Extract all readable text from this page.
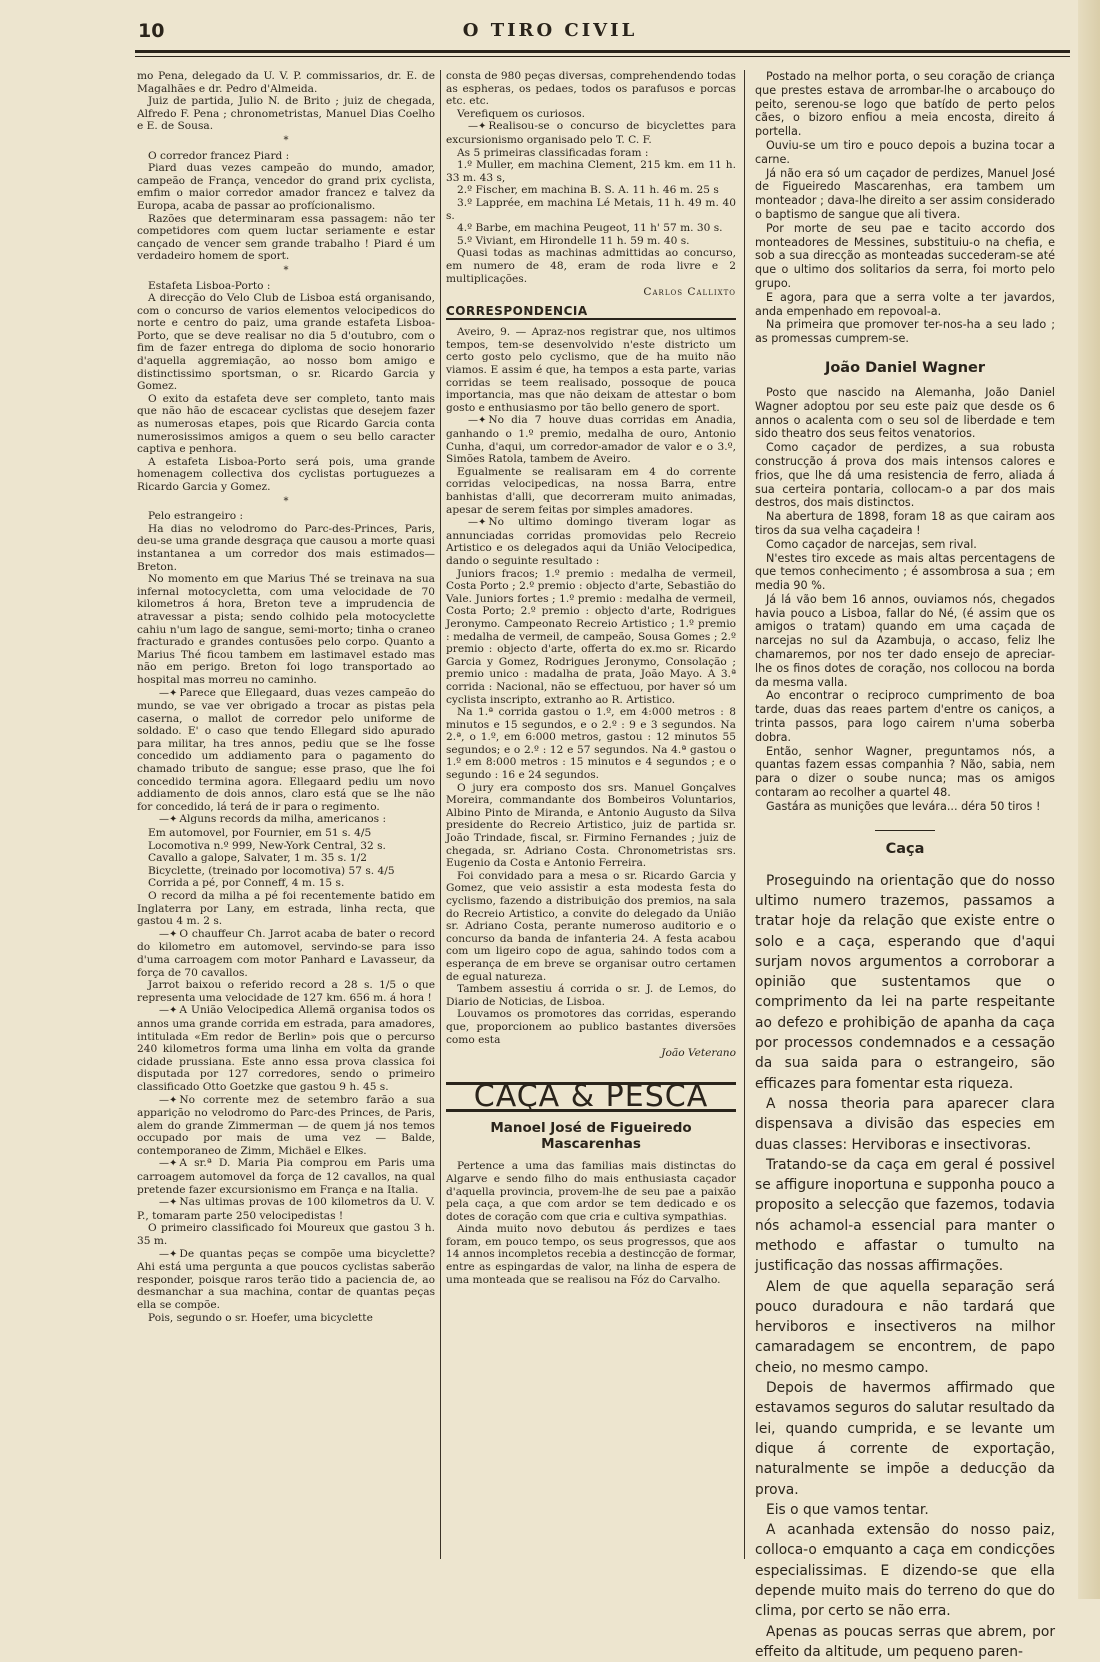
10	O TIRO CIVIL

mo Pena, delegado da U. V. P. commissarios, dr. E. de Magalhães e dr. Pedro d'Almeida.

Juiz de partida, Julio N. de Brito ; juiz de chegada, Alfredo F. Pena ; chronometristas, Manuel Dias Coelho e E. de Sousa.

*

O corredor francez Piard :

Piard duas vezes campeão do mundo, amador, campeão de França, vencedor do grand prix cyclista, emfim o maior corredor amador francez e talvez da Europa, acaba de passar ao profícionalismo.

Razões que determinaram essa passagem: não ter competidores com quem luctar seriamente e estar cançado de vencer sem grande trabalho ! Piard é um verdadeiro homem de sport.

*

Estafeta Lisboa-Porto :

A direcção do Velo Club de Lisboa está organisando, com o concurso de varios elementos velocipedicos do norte e centro do paiz, uma grande estafeta Lisboa-Porto, que se deve realisar no dia 5 d'outubro, com o fim de fazer entrega do diploma de socio honorario d'aquella aggremiação, ao nosso bom amigo e distinctissimo sportsman, o sr. Ricardo Garcia y Gomez.

O exito da estafeta deve ser completo, tanto mais que não hão de escacear cyclistas que desejem fazer as numerosas etapes, pois que Ricardo Garcia conta numerosissimos amigos a quem o seu bello caracter captiva e penhora.

A estafeta Lisboa-Porto será pois, uma grande homenagem collectiva dos cyclistas portuguezes a Ricardo Garcia y Gomez.

*

Pelo estrangeiro :

Ha dias no velodromo do Parc-des-Princes, Paris, deu-se uma grande desgraça que causou a morte quasi instantanea a um corredor dos mais estimados—Breton.

No momento em que Marius Thé se treinava na sua infernal motocycletta, com uma velocidade de 70 kilometros á hora, Breton teve a imprudencia de atravessar a pista; sendo colhido pela motocyclette cahiu n'um lago de sangue, semi-morto; tinha o craneo fracturado e grandes contusões pelo corpo. Quanto a Marius Thé ficou tambem em lastimavel estado mas não em perigo. Breton foi logo transportado ao hospital mas morreu no caminho.

—✦ Parece que Ellegaard, duas vezes campeão do mundo, se vae ver obrigado a trocar as pistas pela caserna, o mallot de corredor pelo uniforme de soldado. E' o caso que tendo Ellegard sido apurado para militar, ha tres annos, pediu que se lhe fosse concedido um addiamento para o pagamento do chamado tributo de sangue; esse praso, que lhe foi concedido termina agora. Ellegaard pediu um novo addiamento de dois annos, claro está que se lhe não for concedido, lá terá de ir para o regimento.

—✦ Alguns records da milha, americanos :

Em automovel, por Fournier, em 51 s. 4/5

Locomotiva n.º 999, New-York Central, 32 s.

Cavallo a galope, Salvater, 1 m. 35 s. 1/2

Bicyclette, (treinado por locomotiva) 57 s. 4/5

Corrida a pé, por Conneff, 4 m. 15 s.

O record da milha a pé foi recentemente batido em Inglaterra por Lany, em estrada, linha recta, que gastou 4 m. 2 s.

—✦ O chauffeur Ch. Jarrot acaba de bater o record do kilometro em automovel, servindo-se para isso d'uma carroagem com motor Panhard e Lavasseur, da força de 70 cavallos.

Jarrot baixou o referido record a 28 s. 1/5 o que representa uma velocidade de 127 km. 656 m. á hora !

—✦ A União Velocipedica Allemã organisa todos os annos uma grande corrida em estrada, para amadores, intitulada «Em redor de Berlin» pois que o percurso 240 kilometros forma uma linha em volta da grande cidade prussiana. Este anno essa prova classica foi disputada por 127 corredores, sendo o primeiro classificado Otto Goetzke que gastou 9 h. 45 s.

—✦ No corrente mez de setembro farão a sua apparição no velodromo do Parc-des Princes, de Paris, alem do grande Zimmerman — de quem já nos temos occupado por mais de uma vez — Balde, contemporaneo de Zimm, Michäel e Elkes.

—✦ A sr.ª D. Maria Pia comprou em Paris uma carroagem automovel da força de 12 cavallos, na qual pretende fazer excursionismo em França e na Italia.

—✦ Nas ultimas provas de 100 kilometros da U. V. P., tomaram parte 250 velocipedistas !

O primeiro classificado foi Moureux que gastou 3 h. 35 m.

—✦ De quantas peças se compõe uma bicyclette? Ahi está uma pergunta a que poucos cyclistas saberão responder, poisque raros terão tido a paciencia de, ao desmanchar a sua machina, contar de quantas peças ella se compõe.

Pois, segundo o sr. Hoefer, uma bicyclette

consta de 980 peças diversas, comprehendendo todas as espheras, os pedaes, todos os parafusos e porcas etc. etc.

Verefiquem os curiosos.

—✦ Realisou-se o concurso de bicyclettes para excursionismo organisado pelo T. C. F.

As 5 primeiras classificadas foram :

1.º Muller, em machina Clement, 215 km. em 11 h. 33 m. 43 s,

2.º Fischer, em machina B. S. A. 11 h. 46 m. 25 s

3.º Lapprée, em machina Lé Metais, 11 h. 49 m. 40 s.

4.º Barbe, em machina Peugeot, 11 h' 57 m. 30 s.

5.º Viviant, em Hirondelle 11 h. 59 m. 40 s.

Quasi todas as machinas admittidas ao concurso, em numero de 48, eram de roda livre e 2 multiplicações.

Carlos Callixto
CORRESPONDENCIA

Aveiro, 9. — Apraz-nos registrar que, nos ultimos tempos, tem-se desenvolvido n'este districto um certo gosto pelo cyclismo, que de ha muito não viamos. E assim é que, ha tempos a esta parte, varias corridas se teem realisado, possoque de pouca importancia, mas que não deixam de attestar o bom gosto e enthusiasmo por tão bello genero de sport.

—✦ No dia 7 houve duas corridas em Anadia, ganhando o 1.º premio, medalha de ouro, Antonio Cunha, d'aqui, um corredor-amador de valor e o 3.º, Simões Ratola, tambem de Aveiro.

Egualmente se realisaram em 4 do corrente corridas velocipedicas, na nossa Barra, entre banhistas d'alli, que decorreram muito animadas, apesar de serem feitas por simples amadores.

—✦ No ultimo domingo tiveram logar as annunciadas corridas promovidas pelo Recreio Artistico e os delegados aqui da União Velocipedica, dando o seguinte resultado :

Juniors fracos; 1.º premio : medalha de vermeil, Costa Porto ; 2.º premio : objecto d'arte, Sebastião do Vale. Juniors fortes ; 1.º premio : medalha de vermeil, Costa Porto; 2.º premio : objecto d'arte, Rodrigues Jeronymo. Campeonato Recreio Artistico ; 1.º premio : medalha de vermeil, de campeão, Sousa Gomes ; 2.º premio : objecto d'arte, offerta do ex.mo sr. Ricardo Garcia y Gomez, Rodrigues Jeronymo, Consolação ; premio unico : madalha de prata, João Mayo. A 3.ª corrida : Nacional, não se effectuou, por haver só um cyclista inscripto, extranho ao R. Artistico.

Na 1.ª corrida gastou o 1.º, em 4:000 metros : 8 minutos e 15 segundos, e o 2.º : 9 e 3 segundos. Na 2.ª, o 1.º, em 6:000 metros, gastou : 12 minutos 55 segundos; e o 2.º : 12 e 57 segundos. Na 4.ª gastou o 1.º em 8:000 metros : 15 minutos e 4 segundos ; e o segundo : 16 e 24 segundos.

O jury era composto dos srs. Manuel Gonçalves Moreira, commandante dos Bombeiros Voluntarios, Albino Pinto de Miranda, e Antonio Augusto da Silva presidente do Recreio Artistico, juiz de partida sr. João Trindade, fiscal, sr. Firmino Fernandes ; juiz de chegada, sr. Adriano Costa. Chronometristas srs. Eugenio da Costa e Antonio Ferreira.

Foi convidado para a mesa o sr. Ricardo Garcia y Gomez, que veio assistir a esta modesta festa do cyclismo, fazendo a distribuição dos premios, na sala do Recreio Artistico, a convite do delegado da União sr. Adriano Costa, perante numeroso auditorio e o concurso da banda de infanteria 24. A festa acabou com um ligeiro copo de agua, sahindo todos com a esperança de em breve se organisar outro certamen de egual natureza.

Tambem assestiu á corrida o sr. J. de Lemos, do Diario de Noticias, de Lisboa.

Louvamos os promotores das corridas, esperando que, proporcionem ao publico bastantes diversões como esta

João Veterano
CAÇA & PESCA
Manoel José de Figueiredo Mascarenhas

Pertence a uma das familias mais distinctas do Algarve e sendo filho do mais enthusiasta caçador d'aquella provincia, provem-lhe de seu pae a paixão pela caça, a que com ardor se tem dedicado e os dotes de coração com que cria e cultiva sympathias.

Ainda muito novo debutou ás perdizes e taes foram, em pouco tempo, os seus progressos, que aos 14 annos incompletos recebia a destincção de formar, entre as espingardas de valor, na linha de espera de uma monteada que se realisou na Fóz do Carvalho.

Postado na melhor porta, o seu coração de criança que prestes estava de arrombar-lhe o arcabouço do peito, serenou-se logo que batído de perto pelos cães, o bizoro enfiou a meia encosta, direito á portella.

Ouviu-se um tiro e pouco depois a buzina tocar a carne.

Já não era só um caçador de perdizes, Manuel José de Figueiredo Mascarenhas, era tambem um monteador ; dava-lhe direito a ser assim considerado o baptismo de sangue que ali tivera.

Por morte de seu pae e tacito accordo dos monteadores de Messines, substituiu-o na chefia, e sob a sua direcção as monteadas succederam-se até que o ultimo dos solitarios da serra, foi morto pelo grupo.

E agora, para que a serra volte a ter javardos, anda empenhado em repovoal-a.

Na primeira que promover ter-nos-ha a seu lado ; as promessas cumprem-se.

João Daniel Wagner

Posto que nascido na Alemanha, João Daniel Wagner adoptou por seu este paiz que desde os 6 annos o acalenta com o seu sol de liberdade e tem sido theatro dos seus feitos venatorios.

Como caçador de perdizes, a sua robusta construcção á prova dos mais intensos calores e frios, que lhe dá uma resistencia de ferro, aliada á sua certeira pontaria, collocam-o a par dos mais destros, dos mais distinctos.

Na abertura de 1898, foram 18 as que cairam aos tiros da sua velha caçadeira !

Como caçador de narcejas, sem rival.

N'estes tiro excede as mais altas percentagens de que temos conhecimento ; é assombrosa a sua ; em media 90 %.

Já lá vão bem 16 annos, ouviamos nós, chegados havia pouco a Lisboa, fallar do Né, (é assim que os amigos o tratam) quando em uma caçada de narcejas no sul da Azambuja, o accaso, feliz lhe chamaremos, por nos ter dado ensejo de apreciar-lhe os finos dotes de coração, nos collocou na borda da mesma valla.

Ao encontrar o reciproco cumprimento de boa tarde, duas das reaes partem d'entre os caniços, a trinta passos, para logo cairem n'uma soberba dobra.

Então, senhor Wagner, preguntamos nós, a quantas fazem essas companhia ? Não, sabia, nem para o dizer o soube nunca; mas os amigos contaram ao recolher a quartel 48.

Gastára as munições que levára... déra 50 tiros !

Caça

Proseguindo na orientação que do nosso ultimo numero trazemos, passamos a tratar hoje da relação que existe entre o solo e a caça, esperando que d'aqui surjam novos argumentos a corroborar a opinião que sustentamos que o comprimento da lei na parte respeitante ao defezo e prohibição de apanha da caça por processos condemnados e a cessação da sua saida para o estrangeiro, são efficazes para fomentar esta riqueza.

A nossa theoria para aparecer clara dispensava a divisão das especies em duas classes: Herviboras e insectivoras.

Tratando-se da caça em geral é possivel se affigure inoportuna e supponha pouco a proposito a selecção que fazemos, todavia nós achamol-a essencial para manter o methodo e affastar o tumulto na justificação das nossas affirmações.

Alem de que aquella separação será pouco duradoura e não tardará que herviboros e insectiveros na milhor camaradagem se encontrem, de papo cheio, no mesmo campo.

Depois de havermos affirmado que estavamos seguros do salutar resultado da lei, quando cumprida, e se levante um dique á corrente de exportação, naturalmente se impõe a deducção da prova.

Eis o que vamos tentar.

A acanhada extensão do nosso paiz, colloca-o emquanto a caça em condicções especialissimas. E dizendo-se que ella depende muito mais do terreno do que do clima, por certo se não erra.

Apenas as poucas serras que abrem, por effeito da altitude, um pequeno paren-
